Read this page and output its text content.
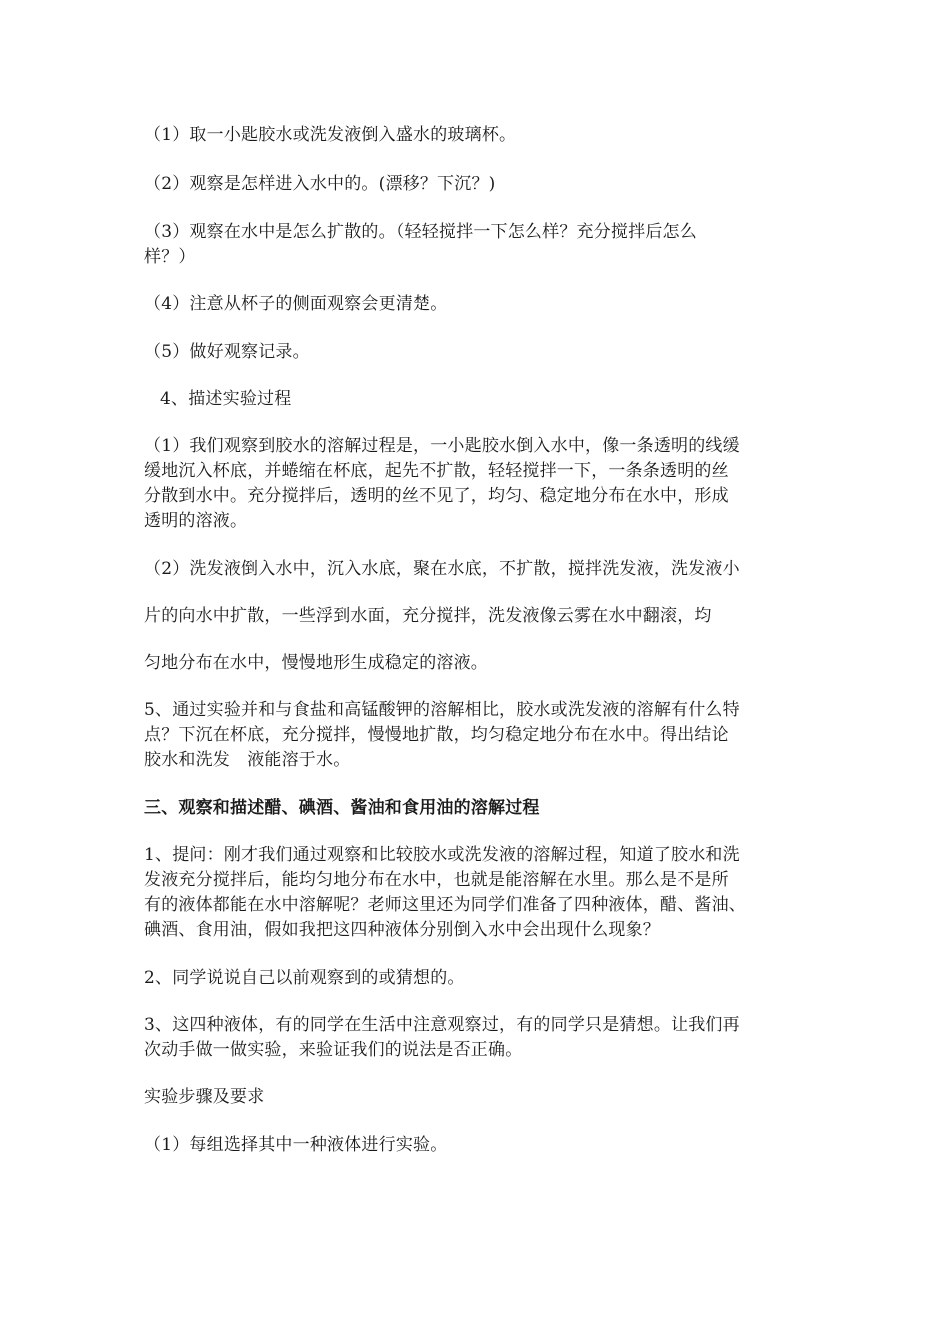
（1）取一小匙胶水或洗发液倒入盛水的玻璃杯。
（2）观察是怎样进入水中的。(漂移？下沉？)
（3）观察在水中是怎么扩散的。（轻轻搅拌一下怎么样？充分搅拌后怎么
样？）
（4）注意从杯子的侧面观察会更清楚。
（5）做好观察记录。
4、描述实验过程
（1）我们观察到胶水的溶解过程是，一小匙胶水倒入水中，像一条透明的线缓
缓地沉入杯底，并蜷缩在杯底，起先不扩散，轻轻搅拌一下，一条条透明的丝
分散到水中。充分搅拌后，透明的丝不见了，均匀、稳定地分布在水中，形成
透明的溶液。
（2）洗发液倒入水中，沉入水底，聚在水底，不扩散，搅拌洗发液，洗发液小
片的向水中扩散，一些浮到水面，充分搅拌，洗发液像云雾在水中翻滚，均
匀地分布在水中，慢慢地形生成稳定的溶液。
5、通过实验并和与食盐和高锰酸钾的溶解相比，胶水或洗发液的溶解有什么特
点？下沉在杯底，充分搅拌，慢慢地扩散，均匀稳定地分布在水中。得出结论
胶水和洗发　液能溶于水。
三、观察和描述醋、碘酒、酱油和食用油的溶解过程
1、提问：刚才我们通过观察和比较胶水或洗发液的溶解过程，知道了胶水和洗
发液充分搅拌后，能均匀地分布在水中，也就是能溶解在水里。那么是不是所
有的液体都能在水中溶解呢？老师这里还为同学们准备了四种液体，醋、酱油、
碘酒、食用油，假如我把这四种液体分别倒入水中会出现什么现象？
2、同学说说自己以前观察到的或猜想的。
3、这四种液体，有的同学在生活中注意观察过，有的同学只是猜想。让我们再
次动手做一做实验，来验证我们的说法是否正确。
实验步骤及要求
（1）每组选择其中一种液体进行实验。
